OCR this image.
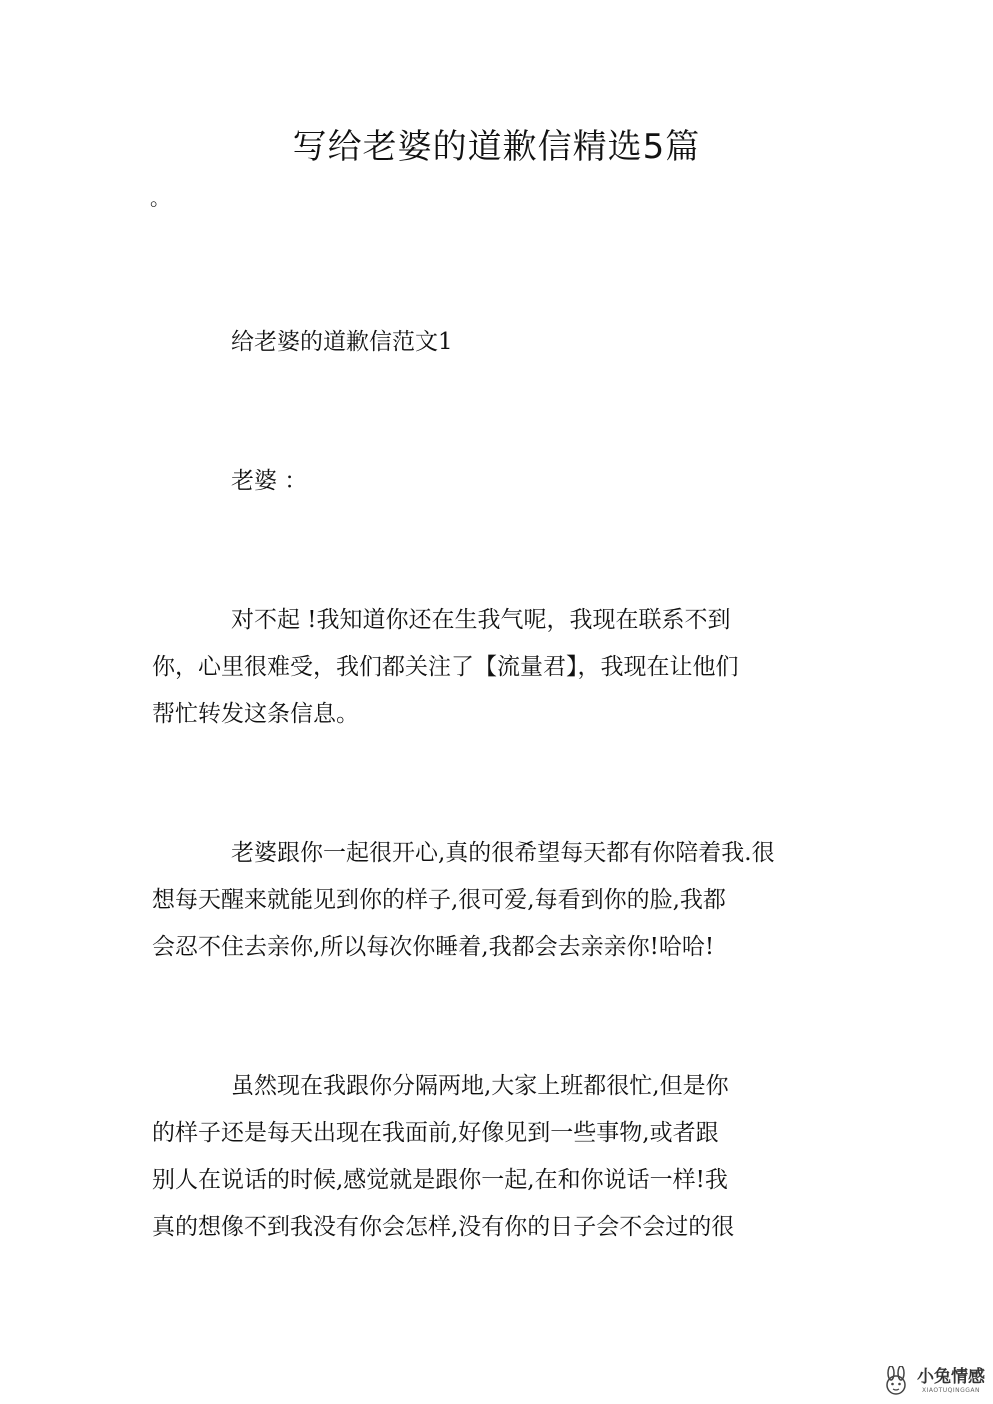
写给老婆的道歉信精选5篇
。
给老婆的道歉信范文1
老婆 ：
对不起 !我知道你还在生我气呢，我现在联系不到
你，心里很难受，我们都关注了【流量君】，我现在让他们
帮忙转发这条信息。
老婆跟你一起很开心,真的很希望每天都有你陪着我.很
想每天醒来就能见到你的样子,很可爱,每看到你的脸,我都
会忍不住去亲你,所以每次你睡着,我都会去亲亲你!哈哈!
虽然现在我跟你分隔两地,大家上班都很忙,但是你
的样子还是每天出现在我面前,好像见到一些事物,或者跟
别人在说话的时候,感觉就是跟你一起,在和你说话一样!我
真的想像不到我没有你会怎样,没有你的日子会不会过的很
小兔情感
XIAOTUQINGGAN
